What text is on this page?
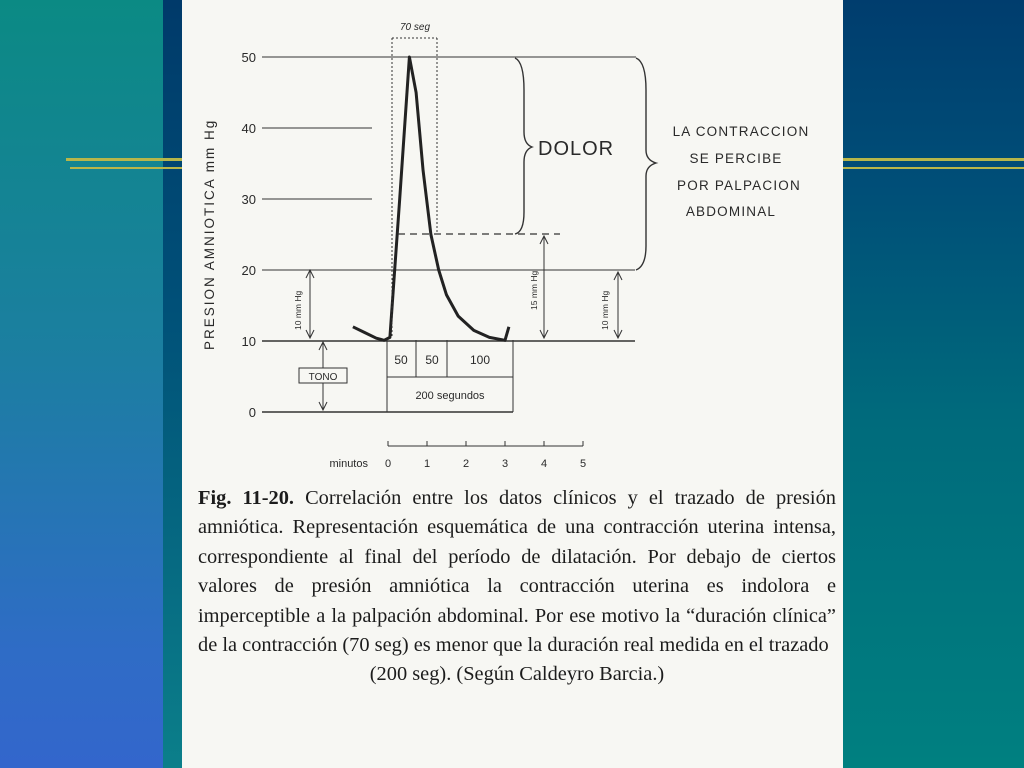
0
10
20
30
40
50
0	1	2	3	4	5
minutos
PRESION AMNIOTICA mm Hg
70 seg
DOLOR
LA CONTRACCION
SE PERCIBE
POR PALPACION
ABDOMINAL
10 mm Hg
15 mm Hg
10 mm Hg
TONO
50 50	100
200 segundos

Fig. 11-20. Correlación entre los datos clínicos y el trazado de presión amniótica. Representación esquemática de una contracción uterina intensa, correspondiente al final del período de dilatación. Por debajo de ciertos valores de presión amniótica la contracción uterina es indolora e imperceptible a la palpación abdominal. Por ese motivo la “duración clínica” de la contracción (70 seg) es menor que la duración real medida en el trazado
(200 seg). (Según Caldeyro Barcia.)
